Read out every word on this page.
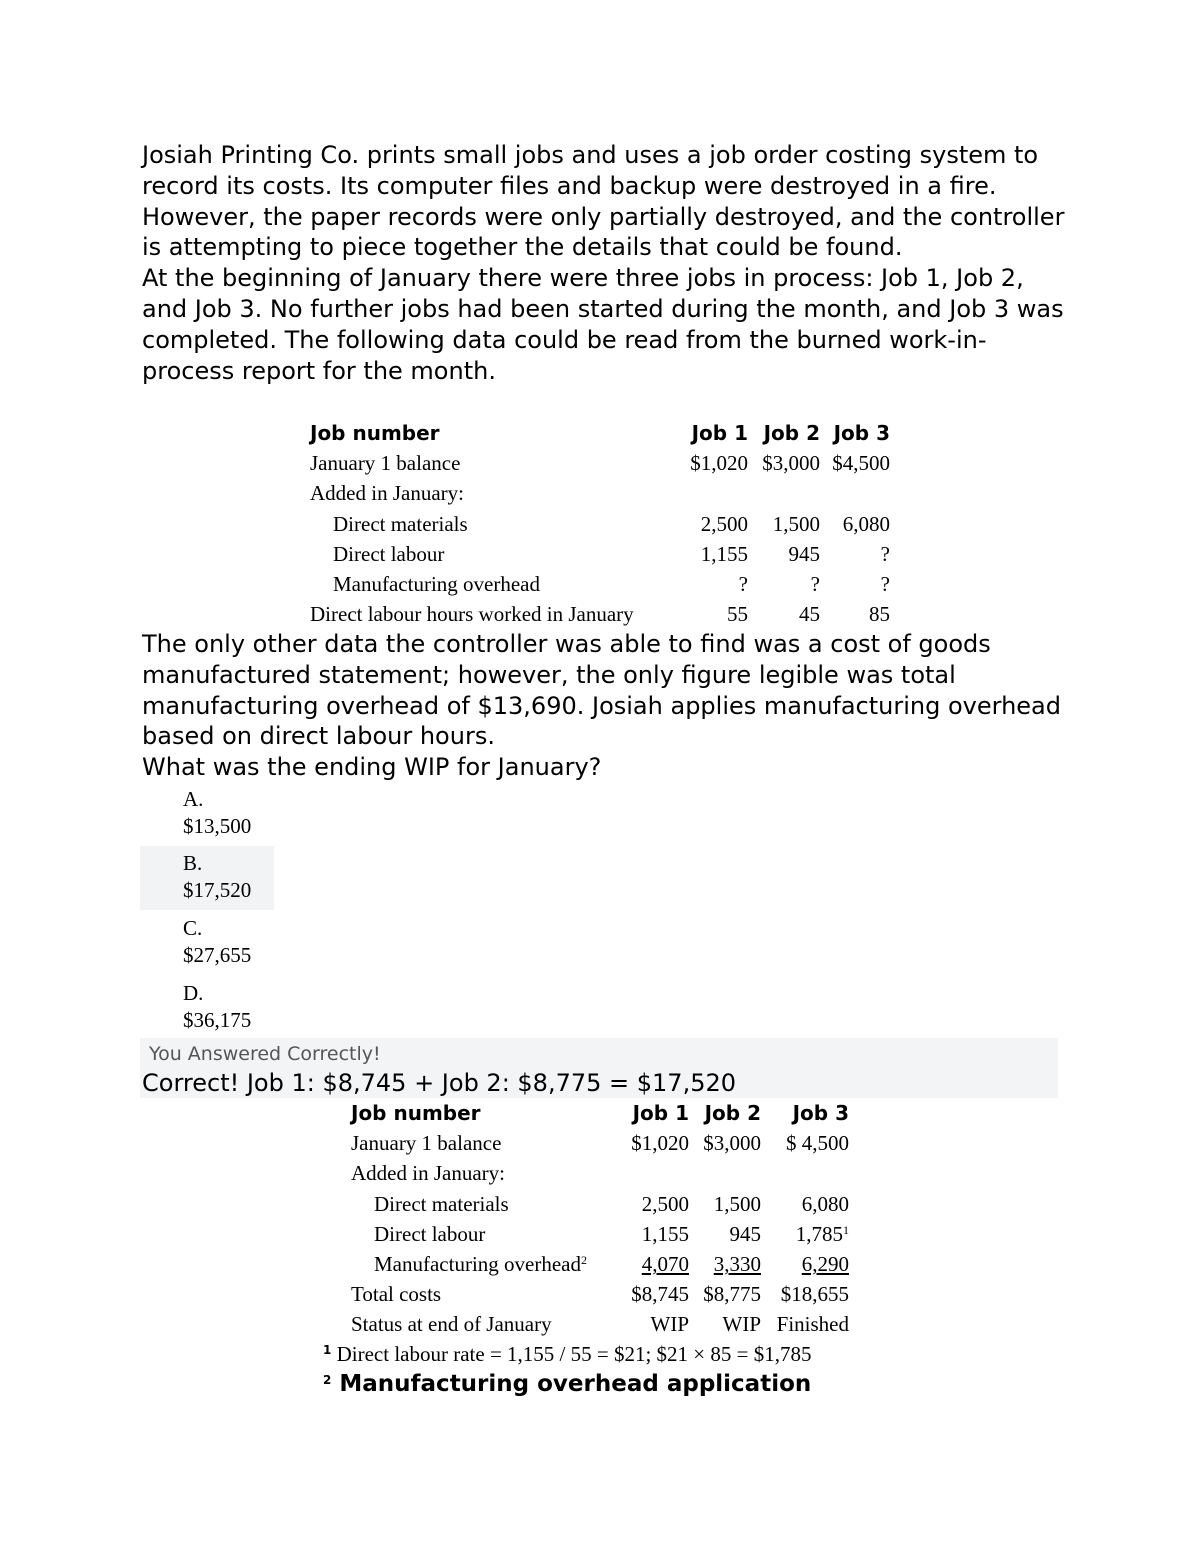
Josiah Printing Co. prints small jobs and uses a job order costing system to record its costs. Its computer files and backup were destroyed in a fire. However, the paper records were only partially destroyed, and the controller is attempting to piece together the details that could be found.

At the beginning of January there were three jobs in process: Job 1, Job 2, and Job 3. No further jobs had been started during the month, and Job 3 was completed. The following data could be read from the burned work-in-process report for the month.

Job number	Job 1	Job 2	Job 3
January 1 balance	$1,020	$3,000	$4,500
Added in January:			
Direct materials	2,500	1,500	6,080
Direct labour	1,155	945	?
Manufacturing overhead	?	?	?
Direct labour hours worked in January	55	45	85

The only other data the controller was able to find was a cost of goods manufactured statement; however, the only figure legible was total manufacturing overhead of $13,690. Josiah applies manufacturing overhead based on direct labour hours.

What was the ending WIP for January?

A.
$13,500
B.
$17,520
C.
$27,655
D.
$36,175
You Answered Correctly!
Correct! Job 1: $8,745 + Job 2: $8,775 = $17,520
Job number	Job 1	Job 2	Job 3
January 1 balance	$1,020	$3,000	$ 4,500
Added in January:			
Direct materials	2,500	1,500	6,080
Direct labour	1,155	945	1,785$^1$
Manufacturing overhead$^2$	4,070	3,330	6,290
Total costs	$8,745	$8,775	$18,655
Status at end of January	WIP	WIP	Finished
$^1$ Direct labour rate = 1,155 / 55 = $21; $21 × 85 = $1,785
$^2$ Manufacturing overhead application
